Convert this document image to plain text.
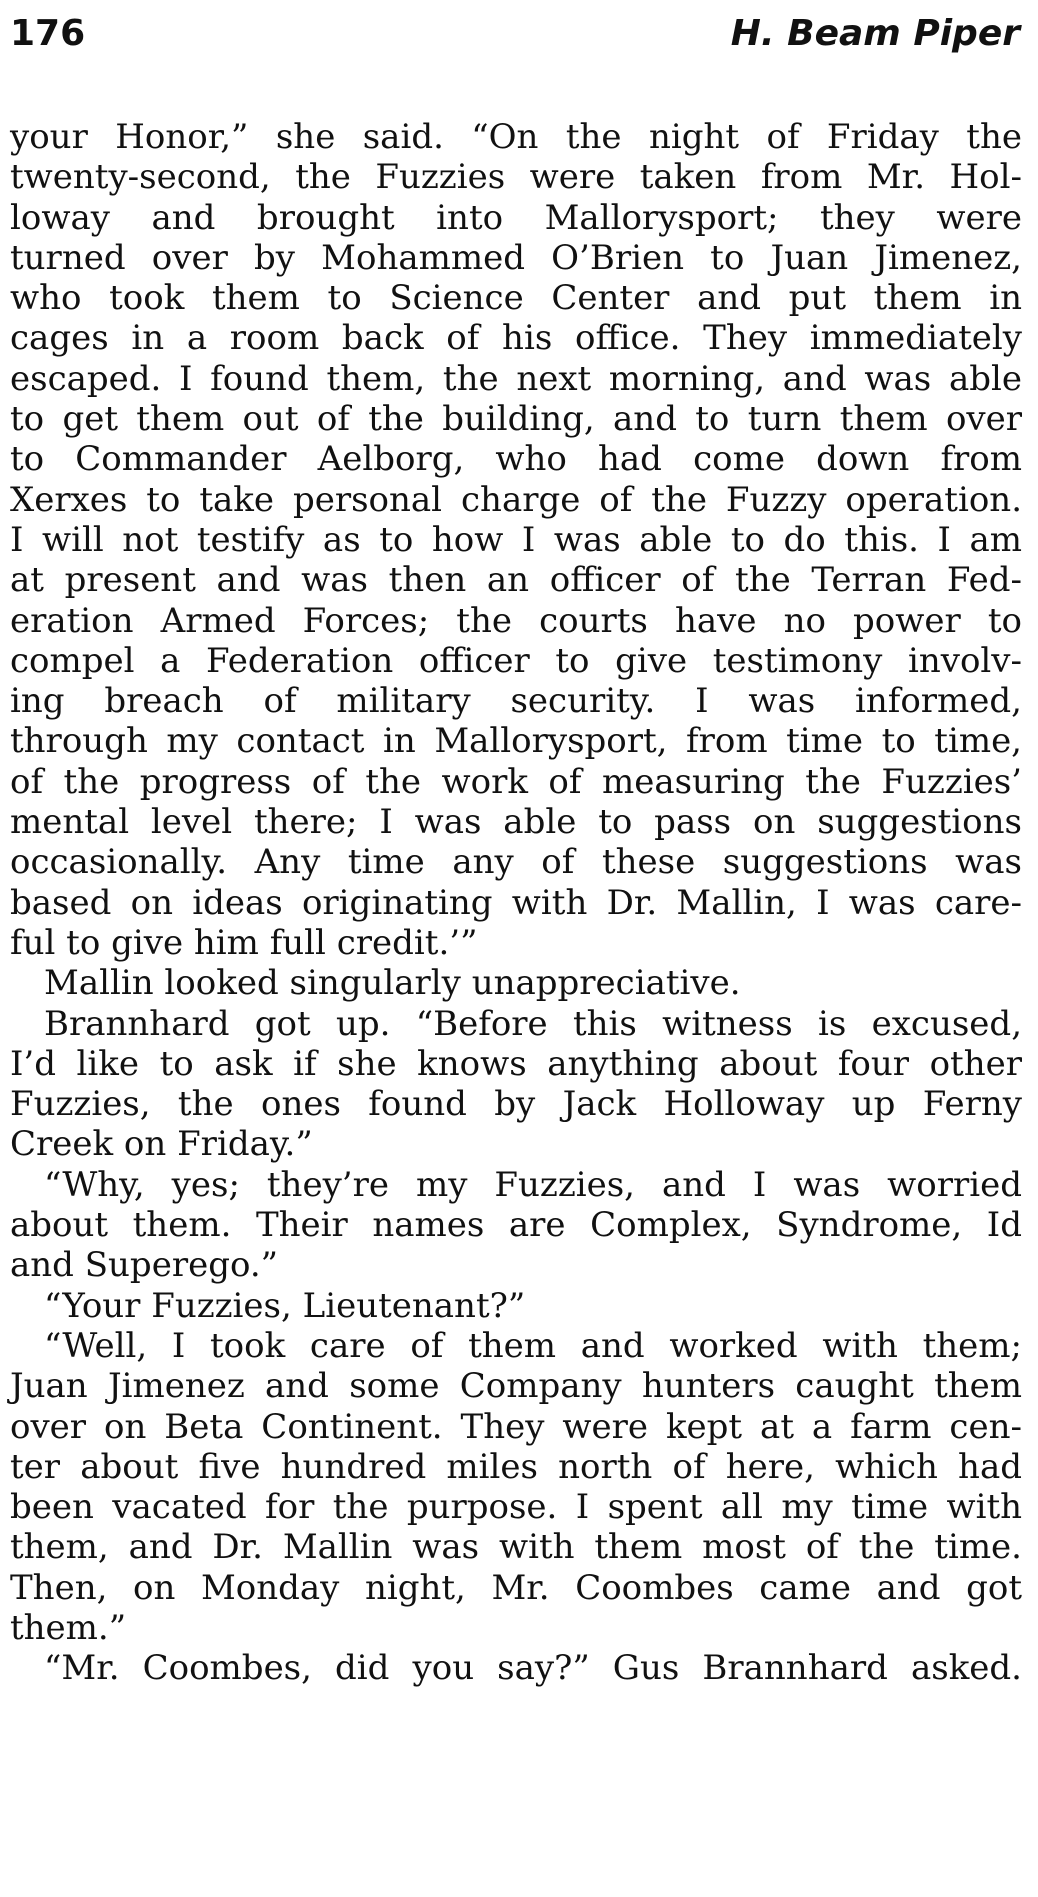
176	H. Beam Piper
your Honor,” she said. “On the night of Friday the
twenty-second, the Fuzzies were taken from Mr. Hol-
loway and brought into Mallorysport; they were
turned over by Mohammed O’Brien to Juan Jimenez,
who took them to Science Center and put them in
cages in a room back of his office. They immediately
escaped. I found them, the next morning, and was able
to get them out of the building, and to turn them over
to Commander Aelborg, who had come down from
Xerxes to take personal charge of the Fuzzy operation.
I will not testify as to how I was able to do this. I am
at present and was then an officer of the Terran Fed-
eration Armed Forces; the courts have no power to
compel a Federation officer to give testimony involv-
ing breach of military security. I was informed,
through my contact in Mallorysport, from time to time,
of the progress of the work of measuring the Fuzzies’
mental level there; I was able to pass on suggestions
occasionally. Any time any of these suggestions was
based on ideas originating with Dr. Mallin, I was care-
ful to give him full credit.’”
Mallin looked singularly unappreciative.
Brannhard got up. “Before this witness is excused,
I’d like to ask if she knows anything about four other
Fuzzies, the ones found by Jack Holloway up Ferny
Creek on Friday.”
“Why, yes; they’re my Fuzzies, and I was worried
about them. Their names are Complex, Syndrome, Id
and Superego.”
“Your Fuzzies, Lieutenant?”
“Well, I took care of them and worked with them;
Juan Jimenez and some Company hunters caught them
over on Beta Continent. They were kept at a farm cen-
ter about five hundred miles north of here, which had
been vacated for the purpose. I spent all my time with
them, and Dr. Mallin was with them most of the time.
Then, on Monday night, Mr. Coombes came and got
them.”
“Mr. Coombes, did you say?” Gus Brannhard asked.
